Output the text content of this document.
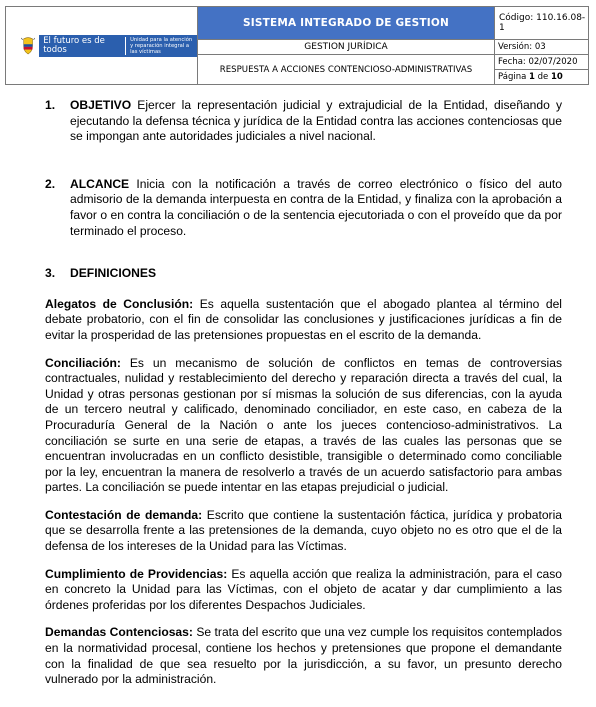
El futuro es de todos
Unidad para la atención y reparación integral a las víctimas	SISTEMA INTEGRADO DE GESTION	Código: 110.16.08-1
	GESTION JURÍDICA	Versión: 03
	RESPUESTA A ACCIONES CONTENCIOSO-ADMINISTRATIVAS	Fecha: 02/07/2020
		Página 1 de 10
1.	OBJETIVO Ejercer la representación judicial y extrajudicial de la Entidad, diseñando y ejecutando la defensa técnica y jurídica de la Entidad contra las acciones contenciosas que se impongan ante autoridades judiciales a nivel nacional.

2.	ALCANCE Inicia con la notificación a través de correo electrónico o físico del auto admisorio de la demanda interpuesta en contra de la Entidad, y finaliza con la aprobación a favor o en contra la conciliación o de la sentencia ejecutoriada o con el proveído que da por terminado el proceso.

3.	DEFINICIONES

Alegatos de Conclusión: Es aquella sustentación que el abogado plantea al término del debate probatorio, con el fin de consolidar las conclusiones y justificaciones jurídicas a fin de evitar la prosperidad de las pretensiones propuestas en el escrito de la demanda.

Conciliación: Es un mecanismo de solución de conflictos en temas de controversias contractuales, nulidad y restablecimiento del derecho y reparación directa a través del cual, la Unidad y otras personas gestionan por sí mismas la solución de sus diferencias, con la ayuda de un tercero neutral y calificado, denominado conciliador, en este caso, en cabeza de la Procuraduría General de la Nación o ante los jueces contencioso-administrativos. La conciliación se surte en una serie de etapas, a través de las cuales las personas que se encuentran involucradas en un conflicto desistible, transigible o determinado como conciliable por la ley, encuentran la manera de resolverlo a través de un acuerdo satisfactorio para ambas partes. La conciliación se puede intentar en las etapas prejudicial o judicial.

Contestación de demanda: Escrito que contiene la sustentación fáctica, jurídica y probatoria que se desarrolla frente a las pretensiones de la demanda, cuyo objeto no es otro que el de la defensa de los intereses de la Unidad para las Víctimas.

Cumplimiento de Providencias: Es aquella acción que realiza la administración, para el caso en concreto la Unidad para las Víctimas, con el objeto de acatar y dar cumplimiento a las órdenes proferidas por los diferentes Despachos Judiciales.

Demandas Contenciosas: Se trata del escrito que una vez cumple los requisitos contemplados en la normatividad procesal, contiene los hechos y pretensiones que propone el demandante con la finalidad de que sea resuelto por la jurisdicción, a su favor, un presunto derecho vulnerado por la administración.
